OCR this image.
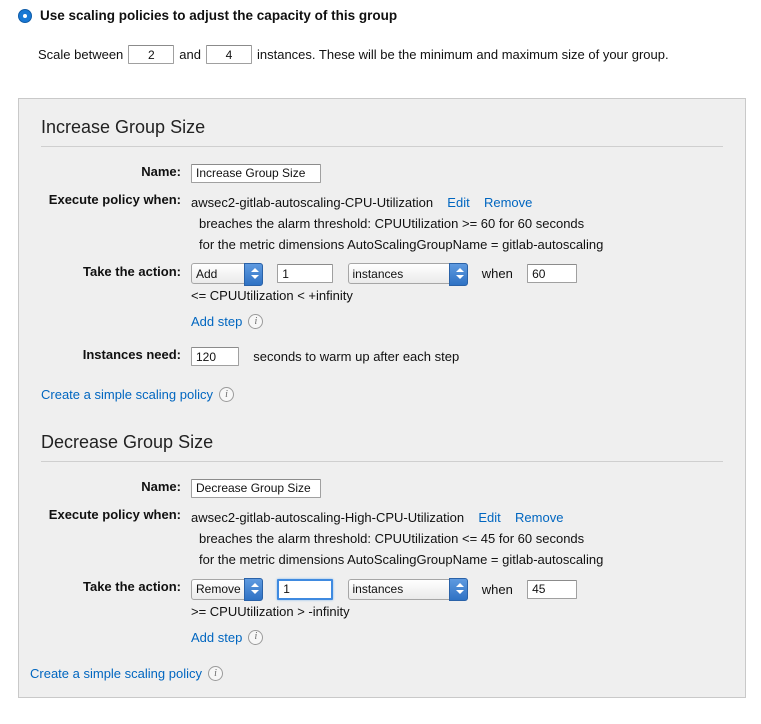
Use scaling policies to adjust the capacity of this group
Scale between
2	and
4	instances. These will be the minimum and maximum size of your group.
Increase Group Size
Name:
Increase Group Size
Execute policy when: awsec2-gitlab-autoscaling-CPU-Utilization Edit Remove
breaches the alarm threshold: CPUUtilization >= 60 for 60 seconds
for the metric dimensions AutoScalingGroupName = gitlab-autoscaling
Take the action:
Add
1
instances	when  60  <= CPUUtilization < +infinity
Add step	i
Instances need:
120	seconds to warm up after each step
Create a simple scaling policy	i
Decrease Group Size
Name:
Decrease Group Size
Execute policy when: awsec2-gitlab-autoscaling-High-CPU-Utilization Edit Remove
breaches the alarm threshold: CPUUtilization <= 45 for 60 seconds
for the metric dimensions AutoScalingGroupName = gitlab-autoscaling
Take the action:
Remove
1
instances	when  45  >= CPUUtilization > -infinity
Add step	i
Create a simple scaling policy	i
